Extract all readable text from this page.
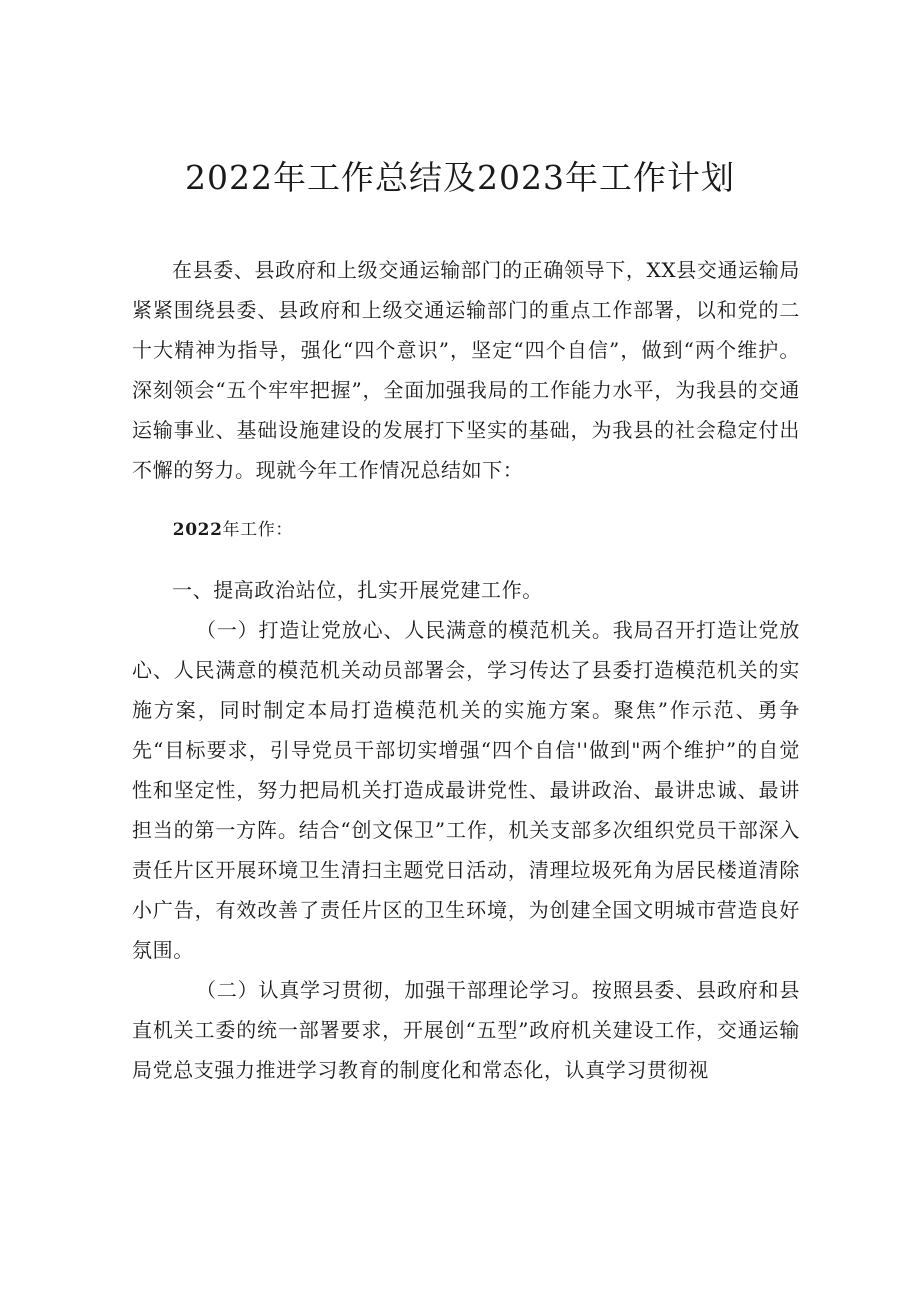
2022年工作总结及2023年工作计划

在县委、县政府和上级交通运输部门的正确领导下，XX县交通运输局紧紧围绕县委、县政府和上级交通运输部门的重点工作部署，以和党的二十大精神为指导，强化“四个意识”，坚定“四个自信”，做到“两个维护。深刻领会“五个牢牢把握”，全面加强我局的工作能力水平，为我县的交通运输事业、基础设施建设的发展打下坚实的基础，为我县的社会稳定付出不懈的努力。现就今年工作情况总结如下：

2022年工作：

一、提高政治站位，扎实开展党建工作。

（一）打造让党放心、人民满意的模范机关。我局召开打造让党放心、人民满意的模范机关动员部署会，学习传达了县委打造模范机关的实施方案，同时制定本局打造模范机关的实施方案。聚焦”作示范、勇争先“目标要求，引导党员干部切实增强“四个自信''做到"两个维护”的自觉性和坚定性，努力把局机关打造成最讲党性、最讲政治、最讲忠诚、最讲担当的第一方阵。结合“创文保卫”工作，机关支部多次组织党员干部深入责任片区开展环境卫生清扫主题党日活动，清理垃圾死角为居民楼道清除小广告，有效改善了责任片区的卫生环境，为创建全国文明城市营造良好氛围。

（二）认真学习贯彻，加强干部理论学习。按照县委、县政府和县直机关工委的统一部署要求，开展创“五型”政府机关建设工作，交通运输局党总支强力推进学习教育的制度化和常态化，认真学习贯彻视
